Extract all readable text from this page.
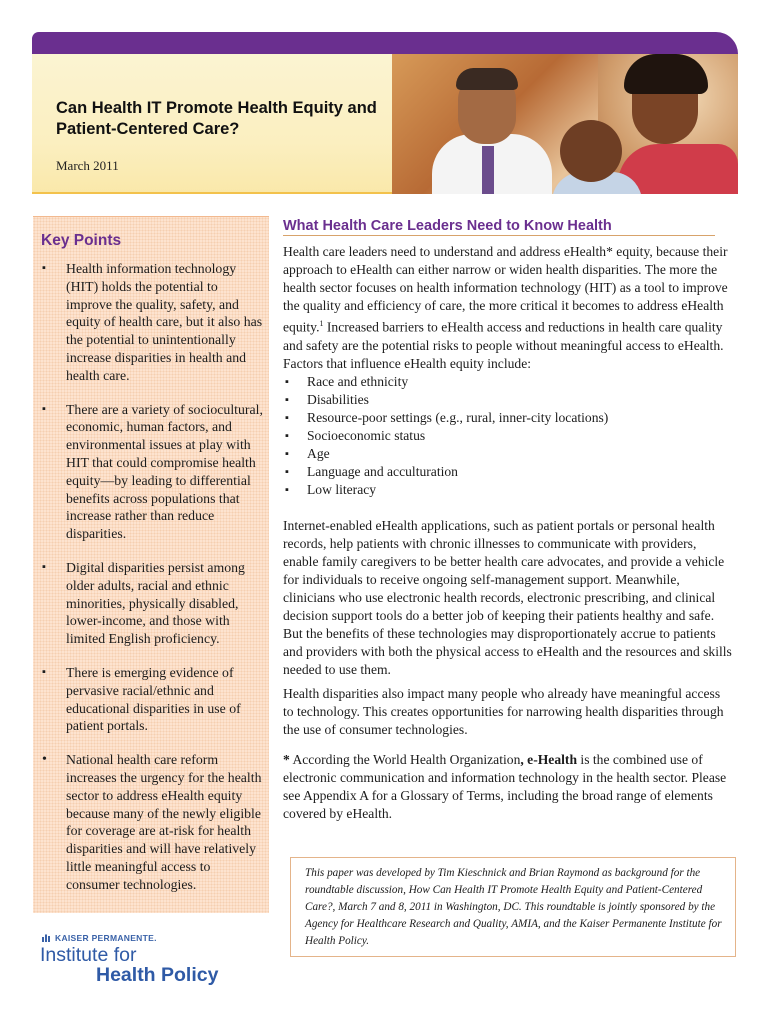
Can Health IT Promote Health Equity and Patient-Centered Care?
March 2011
Key Points
▪ Health information technology (HIT) holds the potential to improve the quality, safety, and equity of health care, but it also has the potential to unintentionally increase disparities in health and health care.
▪ There are a variety of sociocultural, economic, human factors, and environmental issues at play with HIT that could compromise health equity—by leading to differential benefits across populations that increase rather than reduce disparities.
▪ Digital disparities persist among older adults, racial and ethnic minorities, physically disabled, lower-income, and those with limited English proficiency.
▪ There is emerging evidence of pervasive racial/ethnic and educational disparities in use of patient portals.
• National health care reform increases the urgency for the health sector to address eHealth equity because many of the newly eligible for coverage are at-risk for health disparities and will have relatively little meaningful access to consumer technologies.
What Health Care Leaders Need to Know Health

Health care leaders need to understand and address eHealth* equity, because their approach to eHealth can either narrow or widen health disparities. The more the health sector focuses on health information technology (HIT) as a tool to improve the quality and efficiency of care, the more critical it becomes to address eHealth equity.$^1$ Increased barriers to eHealth access and reductions in health care quality and safety are the potential risks to people without meaningful access to eHealth. Factors that influence eHealth equity include:

▪ Race and ethnicity
▪ Disabilities
▪ Resource-poor settings (e.g., rural, inner-city locations)
▪ Socioeconomic status
▪ Age
▪ Language and acculturation
▪ Low literacy

Internet-enabled eHealth applications, such as patient portals or personal health records, help patients with chronic illnesses to communicate with providers, enable family caregivers to be better health care advocates, and provide a vehicle for individuals to receive ongoing self-management support. Meanwhile, clinicians who use electronic health records, electronic prescribing, and clinical decision support tools do a better job of keeping their patients healthy and safe. But the benefits of these technologies may disproportionately accrue to patients and providers with both the physical access to eHealth and the resources and skills needed to use them.

Health disparities also impact many people who already have meaningful access to technology. This creates opportunities for narrowing health disparities through the use of consumer technologies.

* According the World Health Organization, e-Health is the combined use of electronic communication and information technology in the health sector. Please see Appendix A for a Glossary of Terms, including the broad range of elements covered by eHealth.

This paper was developed by Tim Kieschnick and Brian Raymond as background for the roundtable discussion, How Can Health IT Promote Health Equity and Patient-Centered Care?, March 7 and 8, 2011 in Washington, DC. This roundtable is jointly sponsored by the Agency for Healthcare Research and Quality, AMIA, and the Kaiser Permanente Institute for Health Policy.

KAISER PERMANENTE.
Institute for
Health Policy
